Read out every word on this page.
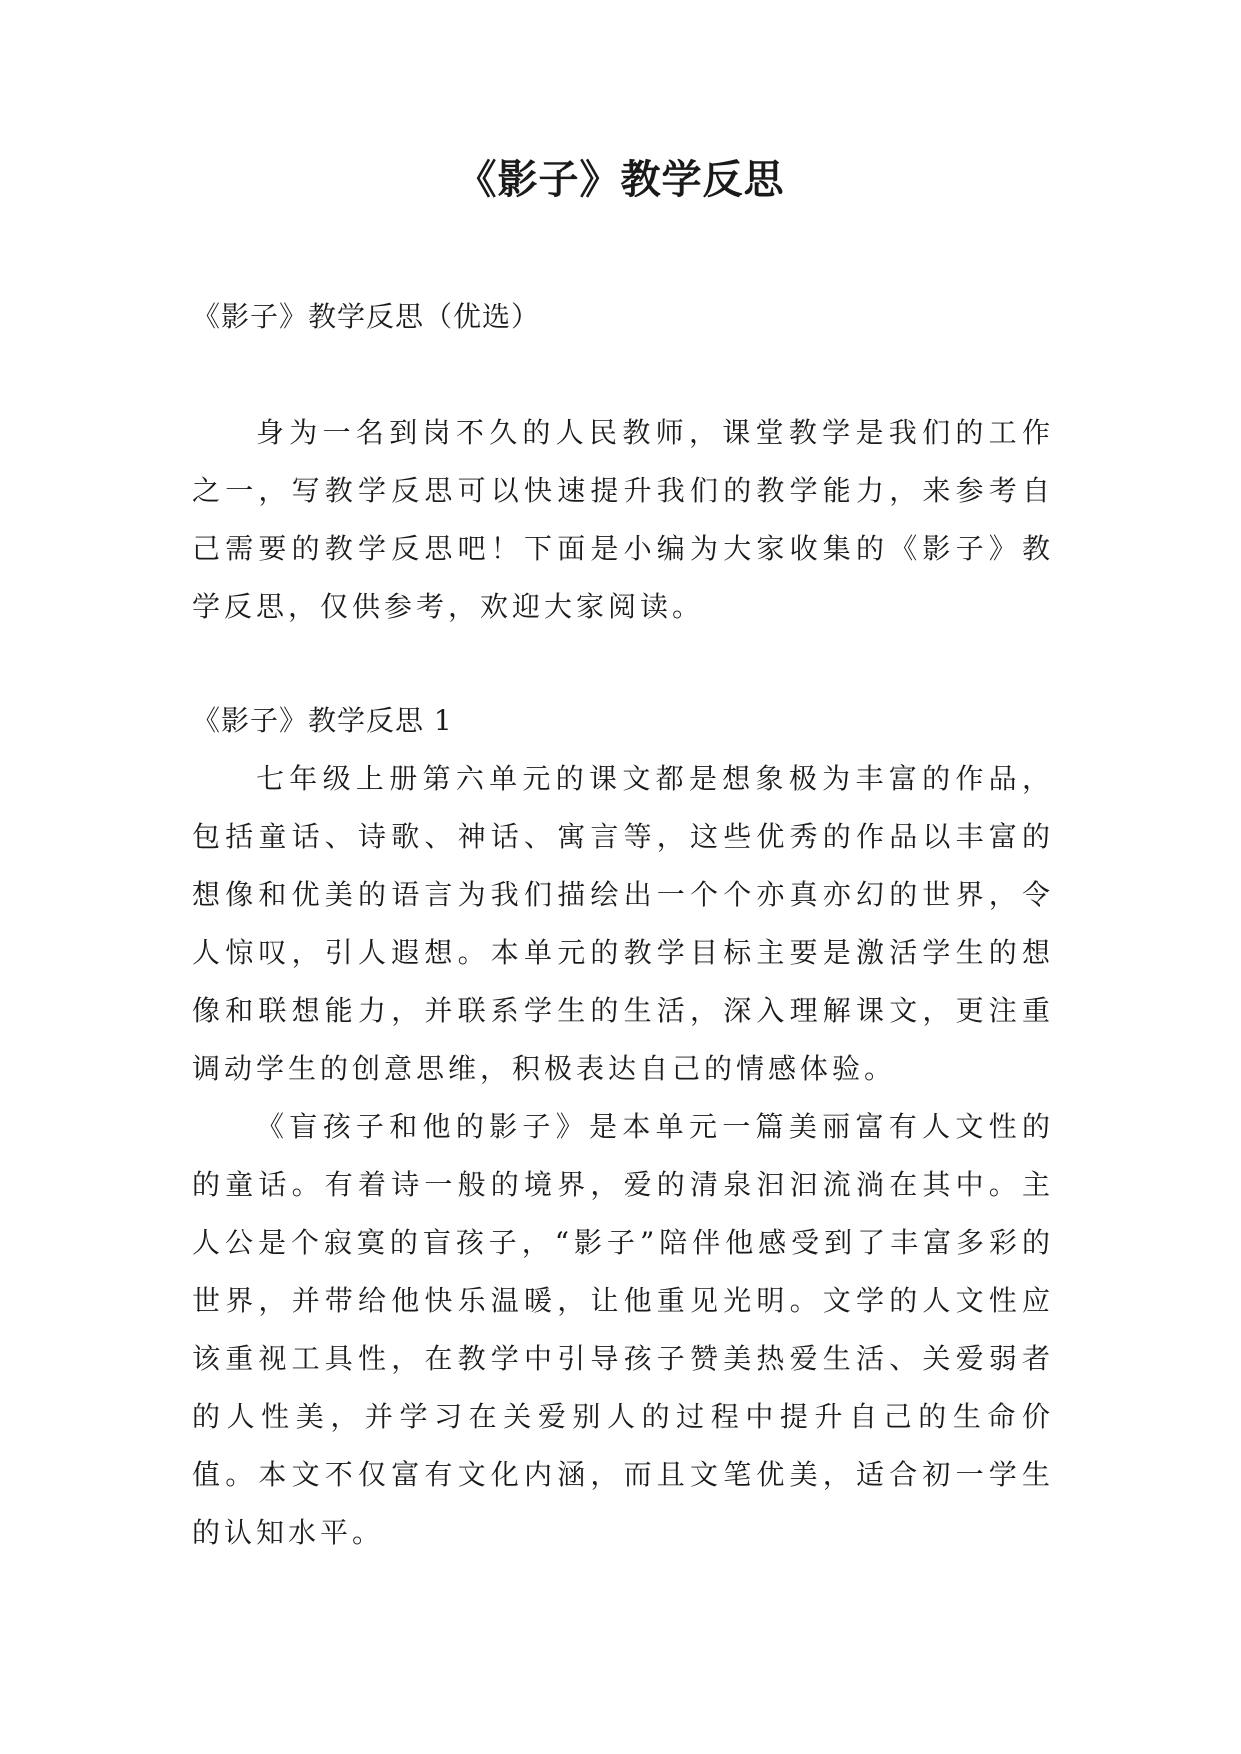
《影子》教学反思

《影子》教学反思（优选）

身为一名到岗不久的人民教师，课堂教学是我们的工作之一，写教学反思可以快速提升我们的教学能力，来参考自己需要的教学反思吧！下面是小编为大家收集的《影子》教学反思，仅供参考，欢迎大家阅读。

《影子》教学反思 1

七年级上册第六单元的课文都是想象极为丰富的作品，包括童话、诗歌、神话、寓言等，这些优秀的作品以丰富的想像和优美的语言为我们描绘出一个个亦真亦幻的世界，令人惊叹，引人遐想。本单元的教学目标主要是激活学生的想像和联想能力，并联系学生的生活，深入理解课文，更注重调动学生的创意思维，积极表达自己的情感体验。

《盲孩子和他的影子》是本单元一篇美丽富有人文性的的童话。有着诗一般的境界，爱的清泉汩汩流淌在其中。主人公是个寂寞的盲孩子，“影子”陪伴他感受到了丰富多彩的世界，并带给他快乐温暖，让他重见光明。文学的人文性应该重视工具性，在教学中引导孩子赞美热爱生活、关爱弱者的人性美，并学习在关爱别人的过程中提升自己的生命价值。本文不仅富有文化内涵，而且文笔优美，适合初一学生的认知水平。
